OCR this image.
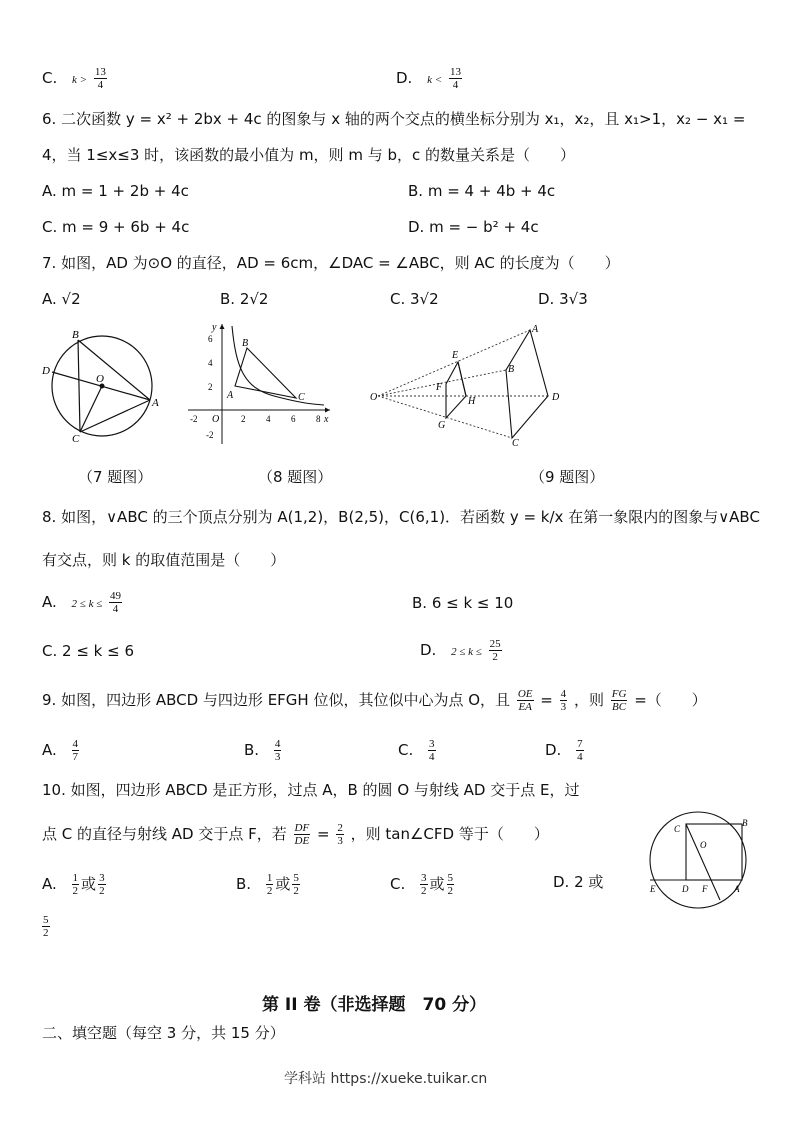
C. $k > \frac{13}{4}$	D. $k < \frac{13}{4}$
6. 二次函数 y = x² + 2bx + 4c 的图象与 x 轴的两个交点的横坐标分别为 x₁，x₂，且 x₁>1，x₂ − x₁ =
4，当 1≤x≤3 时，该函数的最小值为 m，则 m 与 b，c 的数量关系是（　　）
A. m = 1 + 2b + 4c	B. m = 4 + 4b + 4c
C. m = 9 + 6b + 4c	D. m = − b² + 4c
7. 如图，AD 为⊙O 的直径，AD = 6cm，∠DAC = ∠ABC，则 AC 的长度为（　　）
A. √2	B. 2√2	C. 3√2	D. 3√3
B
D
O
A
C
y
x
O
6
4
2
-2
-2	2 4 6 8
A
B
C	O
A
B
C
D
E
F
G
H
（7 题图）	（8 题图）	（9 题图）
8. 如图，∨ABC 的三个顶点分别为 A(1,2)，B(2,5)，C(6,1)．若函数 y = k/x 在第一象限内的图象与∨ABC
有交点，则 k 的取值范围是（　　）
A. $2 \le k \le \frac{49}{4}$	B. 6 ≤ k ≤ 10
C. 2 ≤ k ≤ 6	D. $2 \le k \le \frac{25}{2}$
9. 如图，四边形 ABCD 与四边形 EFGH 位似，其位似中心为点 O，且 $\frac{OE}{EA} = \frac{4}{3}$ ，则 $\frac{FG}{BC}$ =（　　）
A. $\frac{4}{7}$	B. $\frac{4}{3}$	C. $\frac{3}{4}$	D. $\frac{7}{4}$
10. 如图，四边形 ABCD 是正方形，过点 A，B 的圆 O 与射线 AD 交于点 E，过
点 C 的直径与射线 AD 交于点 F，若 $\frac{DF}{DE} = \frac{2}{3}$ ，则 tan∠CFD 等于（　　）
A. $\frac{1}{2}$ 或 $\frac{3}{2}$	B. $\frac{1}{2}$ 或 $\frac{5}{2}$	C. $\frac{3}{2}$ 或 $\frac{5}{2}$	D. 2 或
$\frac{5}{2}$
C
B
O
E	D F	A
第 II 卷（非选择题　70 分）
二、填空题（每空 3 分，共 15 分）
学科站 https://xueke.tuikar.cn
